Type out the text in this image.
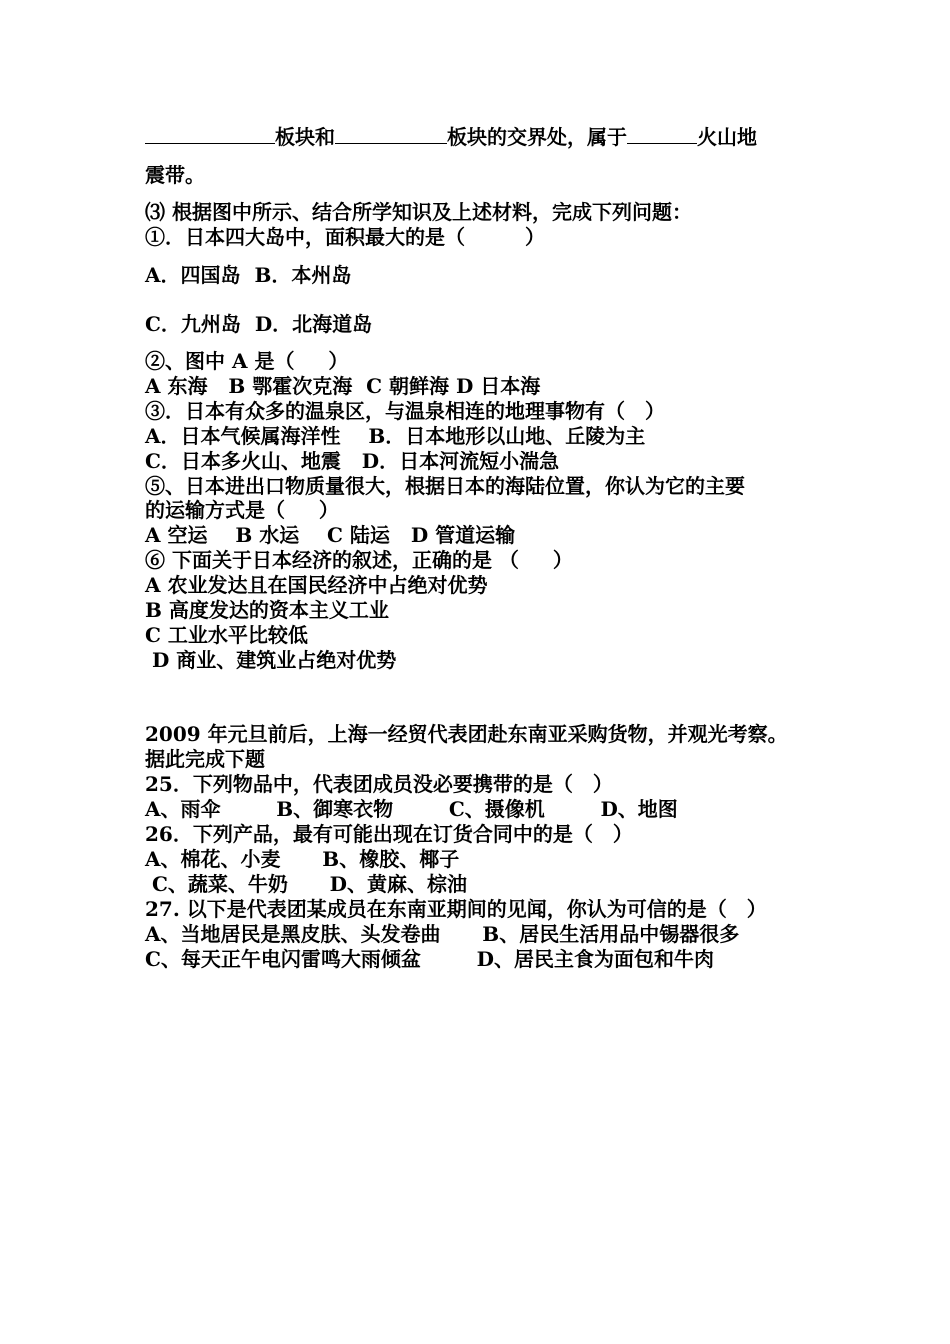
板块和	板块的交界处，属于	火山地
震带。
⑶ 根据图中所示、结合所学知识及上述材料，完成下列问题：
①．日本四大岛中，面积最大的是（　　　）
A．四国岛  B．本州岛
C．九州岛  D．北海道岛
②、图中 A 是（　  ）
A 东海   B 鄂霍次克海  C 朝鲜海 D 日本海
③．日本有众多的温泉区，与温泉相连的地理事物有（　）
A．日本气候属海洋性    B．日本地形以山地、丘陵为主
C．日本多火山、地震   D．日本河流短小湍急
⑤、日本进出口物质量很大，根据日本的海陆位置，你认为它的主要
的运输方式是（　  ）
A 空运    B 水运    C 陆运   D 管道运输
⑥ 下面关于日本经济的叙述，正确的是 （　  ）
A 农业发达且在国民经济中占绝对优势
B 高度发达的资本主义工业
C 工业水平比较低
D 商业、建筑业占绝对优势
2009 年元旦前后，上海一经贸代表团赴东南亚采购货物，并观光考察。
据此完成下题
25．下列物品中，代表团成员没必要携带的是（　）
A、雨伞        B、御寒衣物        C、摄像机        D、地图
26．下列产品，最有可能出现在订货合同中的是（　）
A、棉花、小麦      B、橡胶、椰子
C、蔬菜、牛奶      D、黄麻、棕油
27. 以下是代表团某成员在东南亚期间的见闻，你认为可信的是（　）
A、当地居民是黑皮肤、头发卷曲      B、居民生活用品中锡器很多
C、每天正午电闪雷鸣大雨倾盆        D、居民主食为面包和牛肉
